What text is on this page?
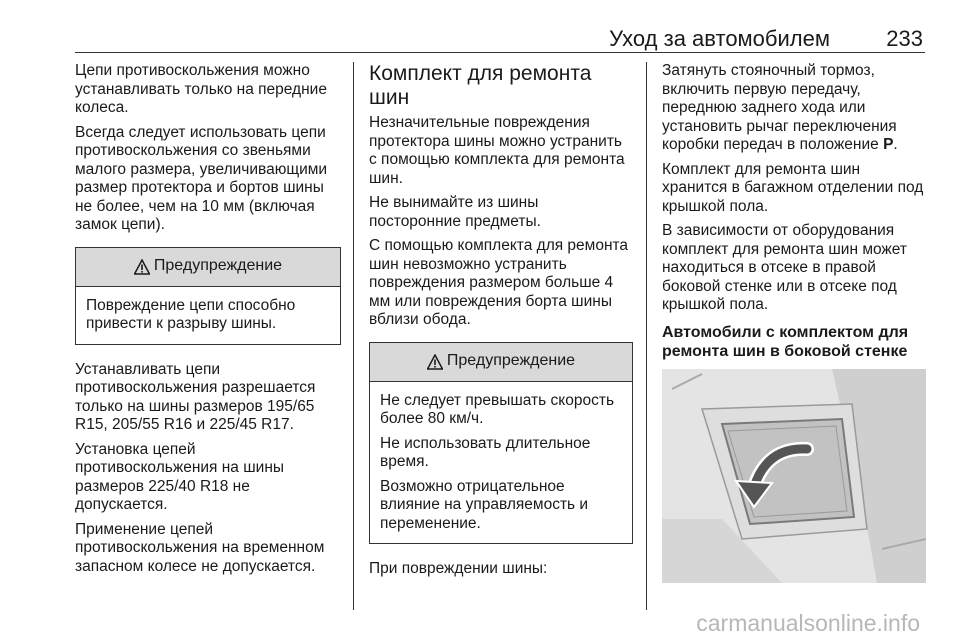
Уход за автомобилем	233

Цепи противоскольжения можно устанавливать только на передние колеса.

Всегда следует использовать цепи противоскольжения со звеньями малого размера, увеличивающими размер протектора и бортов шины не более, чем на 10 мм (включая замок цепи).

Предупреждение

Повреждение цепи способно привести к разрыву шины.

Устанавливать цепи противоскольжения разрешается только на шины размеров 195/65 R15, 205/55 R16 и 225/45 R17.

Установка цепей противоскольжения на шины размеров 225/40 R18 не допускается.

Применение цепей противоскольжения на временном запасном колесе не допускается.

Комплект для ремонта шин

Незначительные повреждения протектора шины можно устранить с помощью комплекта для ремонта шин.

Не вынимайте из шины посторонние предметы.

С помощью комплекта для ремонта шин невозможно устранить повреждения размером больше 4 мм или повреждения борта шины вблизи обода.

Предупреждение

Не следует превышать скорость более 80 км/ч.

Не использовать длительное время.

Возможно отрицательное влияние на управляемость и переменение.

При повреждении шины:

Затянуть стояночный тормоз, включить первую передачу, переднюю заднего хода или установить рычаг переключения коробки передач в положение P.

Комплект для ремонта шин хранится в багажном отделении под крышкой пола.

В зависимости от оборудования комплект для ремонта шин может находиться в отсеке в правой боковой стенке или в отсеке под крышкой пола.

Автомобили с комплектом для ремонта шин в боковой стенке
carmanualsonline.info
